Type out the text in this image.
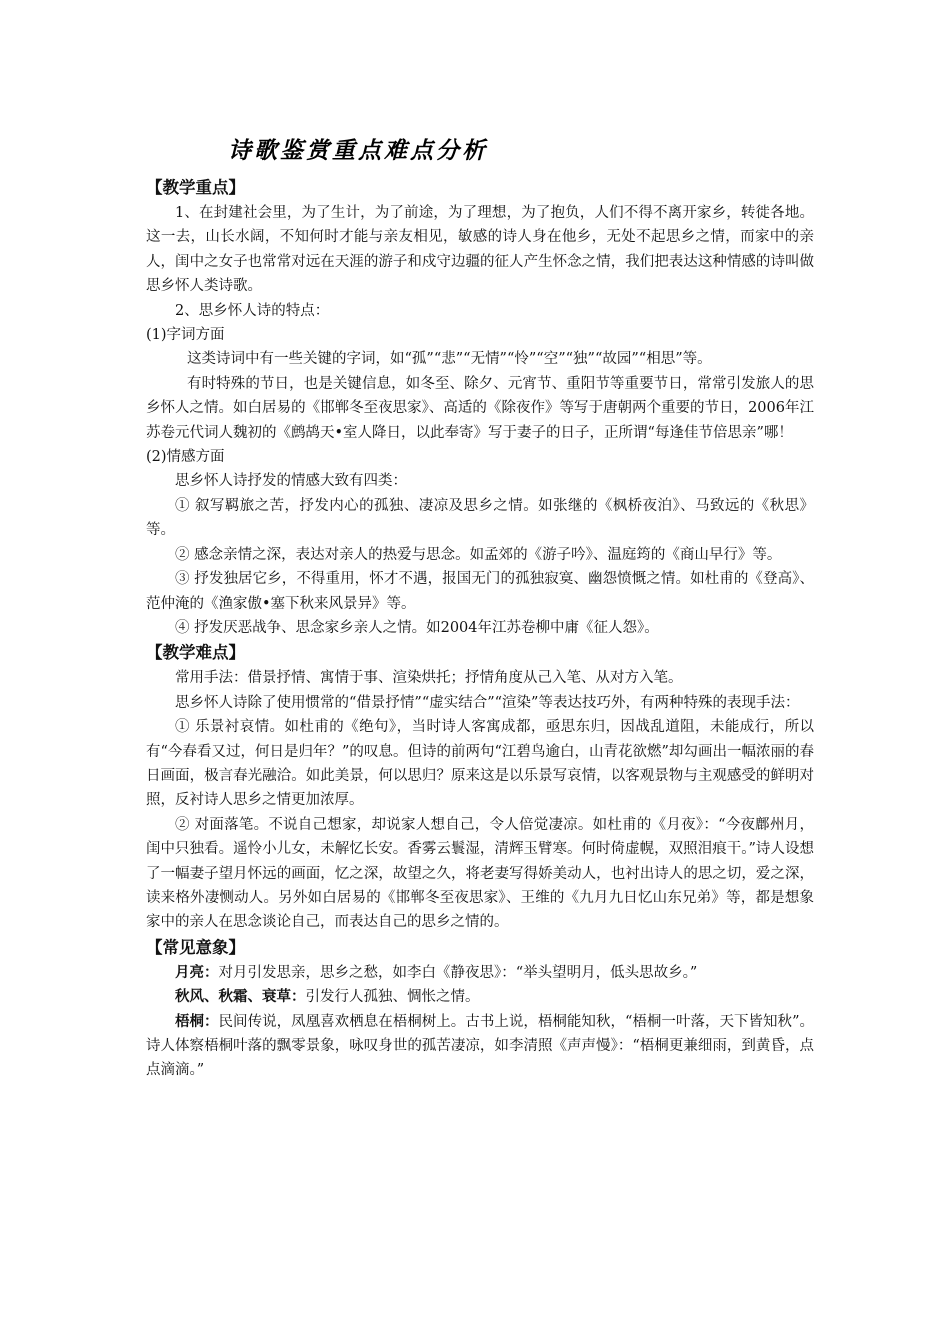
诗歌鉴赏重点难点分析

【教学重点】

1、在封建社会里，为了生计，为了前途，为了理想，为了抱负，人们不得不离开家乡，转徙各地。这一去，山长水阔，不知何时才能与亲友相见，敏感的诗人身在他乡，无处不起思乡之情，而家中的亲人，闺中之女子也常常对远在天涯的游子和戍守边疆的征人产生怀念之情，我们把表达这种情感的诗叫做思乡怀人类诗歌。

2、思乡怀人诗的特点：

(1)字词方面

这类诗词中有一些关键的字词，如“孤”“悲”“无情”“怜”“空”“独”“故园”“相思”等。

有时特殊的节日，也是关键信息，如冬至、除夕、元宵节、重阳节等重要节日，常常引发旅人的思乡怀人之情。如白居易的《邯郸冬至夜思家》、高适的《除夜作》等写于唐朝两个重要的节日，2006年江苏卷元代词人魏初的《鹧鸪天•室人降日，以此奉寄》写于妻子的日子，正所谓“每逢佳节倍思亲”哪！

(2)情感方面

思乡怀人诗抒发的情感大致有四类：

① 叙写羁旅之苦，抒发内心的孤独、凄凉及思乡之情。如张继的《枫桥夜泊》、马致远的《秋思》等。

② 感念亲情之深，表达对亲人的热爱与思念。如孟郊的《游子吟》、温庭筠的《商山早行》等。

③ 抒发独居它乡，不得重用，怀才不遇，报国无门的孤独寂寞、幽怨愤慨之情。如杜甫的《登高》、范仲淹的《渔家傲•塞下秋来风景异》等。

④ 抒发厌恶战争、思念家乡亲人之情。如2004年江苏卷柳中庸《征人怨》。

【教学难点】

常用手法：借景抒情、寓情于事、渲染烘托；抒情角度从己入笔、从对方入笔。

思乡怀人诗除了使用惯常的“借景抒情”“虚实结合”“渲染”等表达技巧外，有两种特殊的表现手法：

① 乐景衬哀情。如杜甫的《绝句》，当时诗人客寓成都，亟思东归，因战乱道阻，未能成行，所以有“今春看又过，何日是归年？”的叹息。但诗的前两句“江碧鸟逾白，山青花欲燃”却勾画出一幅浓丽的春日画面，极言春光融洽。如此美景，何以思归？原来这是以乐景写哀情，以客观景物与主观感受的鲜明对照，反衬诗人思乡之情更加浓厚。

② 对面落笔。不说自己想家，却说家人想自己，令人倍觉凄凉。如杜甫的《月夜》：“今夜鄜州月，闺中只独看。遥怜小儿女，未解忆长安。香雾云鬟湿，清辉玉臂寒。何时倚虚幌，双照泪痕干。”诗人设想了一幅妻子望月怀远的画面，忆之深，故望之久，将老妻写得娇美动人，也衬出诗人的思之切，爱之深，读来格外凄恻动人。另外如白居易的《邯郸冬至夜思家》、王维的《九月九日忆山东兄弟》等，都是想象家中的亲人在思念谈论自己，而表达自己的思乡之情的。

【常见意象】

月亮：对月引发思亲，思乡之愁，如李白《静夜思》：“举头望明月，低头思故乡。”

秋风、秋霜、衰草：引发行人孤独、惆怅之情。

梧桐：民间传说，凤凰喜欢栖息在梧桐树上。古书上说，梧桐能知秋，“梧桐一叶落，天下皆知秋”。诗人体察梧桐叶落的飘零景象，咏叹身世的孤苦凄凉，如李清照《声声慢》：“梧桐更兼细雨，到黄昏，点点滴滴。”
